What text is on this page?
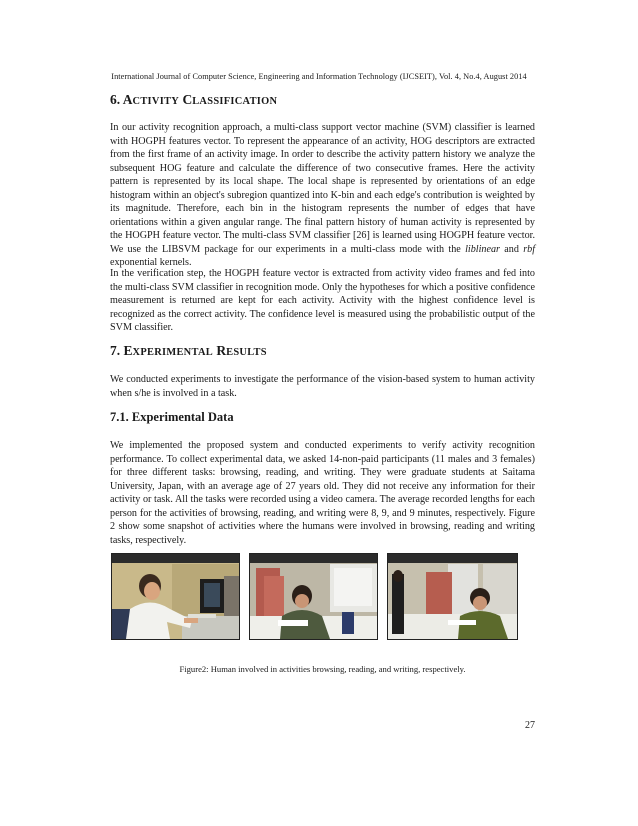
International Journal of Computer Science, Engineering and Information Technology (IJCSEIT), Vol. 4, No.4, August 2014
6. ACTIVITY CLASSIFICATION

In our activity recognition approach, a multi-class support vector machine (SVM) classifier is learned with HOGPH features vector. To represent the appearance of an activity, HOG descriptors are extracted from the first frame of an activity image. In order to describe the activity pattern history we analyze the subsequent HOG feature and calculate the difference of two consecutive frames. Here the activity pattern is represented by its local shape. The local shape is represented by orientations of an edge histogram within an object's subregion quantized into K-bin and each edge's contribution is weighted by its magnitude. Therefore, each bin in the histogram represents the number of edges that have orientations within a given angular range. The final pattern history of human activity is represented by the HOGPH feature vector. The multi-class SVM classifier [26] is learned using HOGPH feature vector. We use the LIBSVM package for our experiments in a multi-class mode with the liblinear and rbf exponential kernels.

In the verification step, the HOGPH feature vector is extracted from activity video frames and fed into the multi-class SVM classifier in recognition mode. Only the hypotheses for which a positive confidence measurement is returned are kept for each activity. Activity with the highest confidence level is recognized as the correct activity. The confidence level is measured using the probabilistic output of the SVM classifier.

7. EXPERIMENTAL RESULTS

We conducted experiments to investigate the performance of the vision-based system to human activity when s/he is involved in a task.

7.1. Experimental Data

We implemented the proposed system and conducted experiments to verify activity recognition performance. To collect experimental data, we asked 14-non-paid participants (11 males and 3 females) for three different tasks: browsing, reading, and writing. They were graduate students at Saitama University, Japan, with an average age of 27 years old. They did not receive any information for their activity or task. All the tasks were recorded using a video camera. The average recorded lengths for each person for the activities of browsing, reading, and writing were 8, 9, and 9 minutes, respectively. Figure 2 show some snapshot of activities where the humans were involved in browsing, reading and writing tasks, respectively.

Figure2: Human involved in activities browsing, reading, and writing, respectively.
27
